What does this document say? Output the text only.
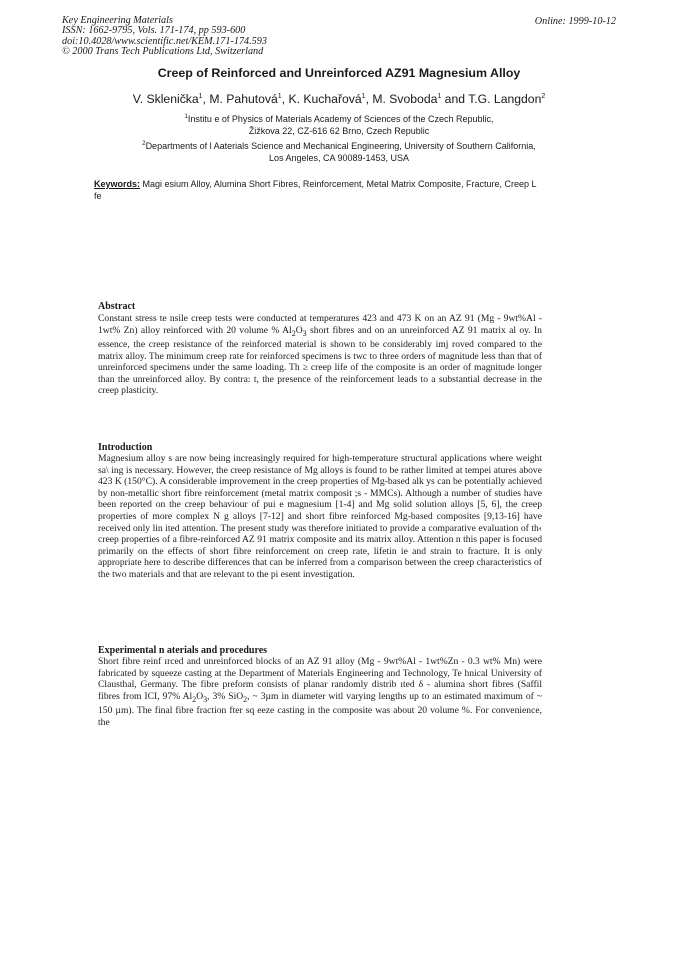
Key Engineering Materials
ISSN: 1662-9795, Vols. 171-174, pp 593-600
doi:10.4028/www.scientific.net/KEM.171-174.593
© 2000 Trans Tech Publications Ltd, Switzerland
Online: 1999-10-12
Creep of Reinforced and Unreinforced AZ91 Magnesium Alloy
V. Sklenička$^1$, M. Pahutová$^1$, K. Kuchařová$^1$, M. Svoboda$^1$ and T.G. Langdon$^2$
$^1$Institu e of Physics of Materials Academy of Sciences of the Czech Republic,
Žižkova 22, CZ-616 62 Brno, Czech Republic
$^2$Departments of l Aaterials Science and Mechanical Engineering, University of Southern California,
Los Angeles, CA 90089-1453, USA
Keywords: Magi esium Alloy, Alumina Short Fibres, Reinforcement, Metal Matrix Composite, Fracture, Creep L fe
Abstract
Constant stress te nsile creep tests were conducted at temperatures 423 and 473 K on an AZ 91 (Mg - 9wt%Al - 1wt% Zn) alloy reinforced with 20 volume % $Al_2O_3$ short fibres and on an unreinforced AZ 91 matrix al oy. In essence, the creep resistance of the reinforced material is shown to be considerably imj roved compared to the matrix alloy. The minimum creep rate for reinforced specimens is twc to three orders of magnitude less than that of unreinforced specimens under the same loading. Th ≥ creep life of the composite is an order of magnitude longer than the unreinforced alloy. By contra: t, the presence of the reinforcement leads to a substantial decrease in the creep plasticity.
Introduction
Magnesium alloy s are now being increasingly required for high-temperature structural applications where weight sa\ ing is necessary. However, the creep resistance of Mg alloys is found to be rather limited at tempei atures above 423 K (150°C). A considerable improvement in the creep properties of Mg-based alk ys can be potentially achieved by non-metallic short fibre reinforcement (metal matrix composit ;s - MMCs). Although a number of studies have been reported on the creep behaviour of pui e magnesium [1-4] and Mg solid solution alloys [5, 6], the creep properties of more complex N g alloys [7-12] and short fibre reinforced Mg-based composites [9,13-16] have received only lin ited attention. The present study was therefore initiated to provide a comparative evaluation of th‹ creep properties of a fibre-reinforced AZ 91 matrix composite and its matrix alloy. Attention n this paper is focused primarily on the effects of short fibre reinforcement on creep rate, lifetin ie and strain to fracture. It is only appropriate here to describe differences that can be inferred from a comparison between the creep characteristics of the two materials and that are relevant to the pi esent investigation.
Experimental n aterials and procedures
Short fibre reinf ırced and unreinforced blocks of an AZ 91 alloy (Mg - 9wt%Al - 1wt%Zn - 0.3 wt% Mn) were fabricated by squeeze casting at the Department of Materials Engineering and Technology, Te hnical University of Clausthal, Germany. The fibre preform consists of planar randomly distrib ıted δ - alumina short fibres (Saffil fibres from ICI, 97% $Al_2O_3$, 3% SiO$_2$, ~ 3µm in diameter witl varying lengths up to an estimated maximum of ~ 150 µm). The final fibre fraction fter sq eeze casting in the composite was about 20 volume %. For convenience, the
